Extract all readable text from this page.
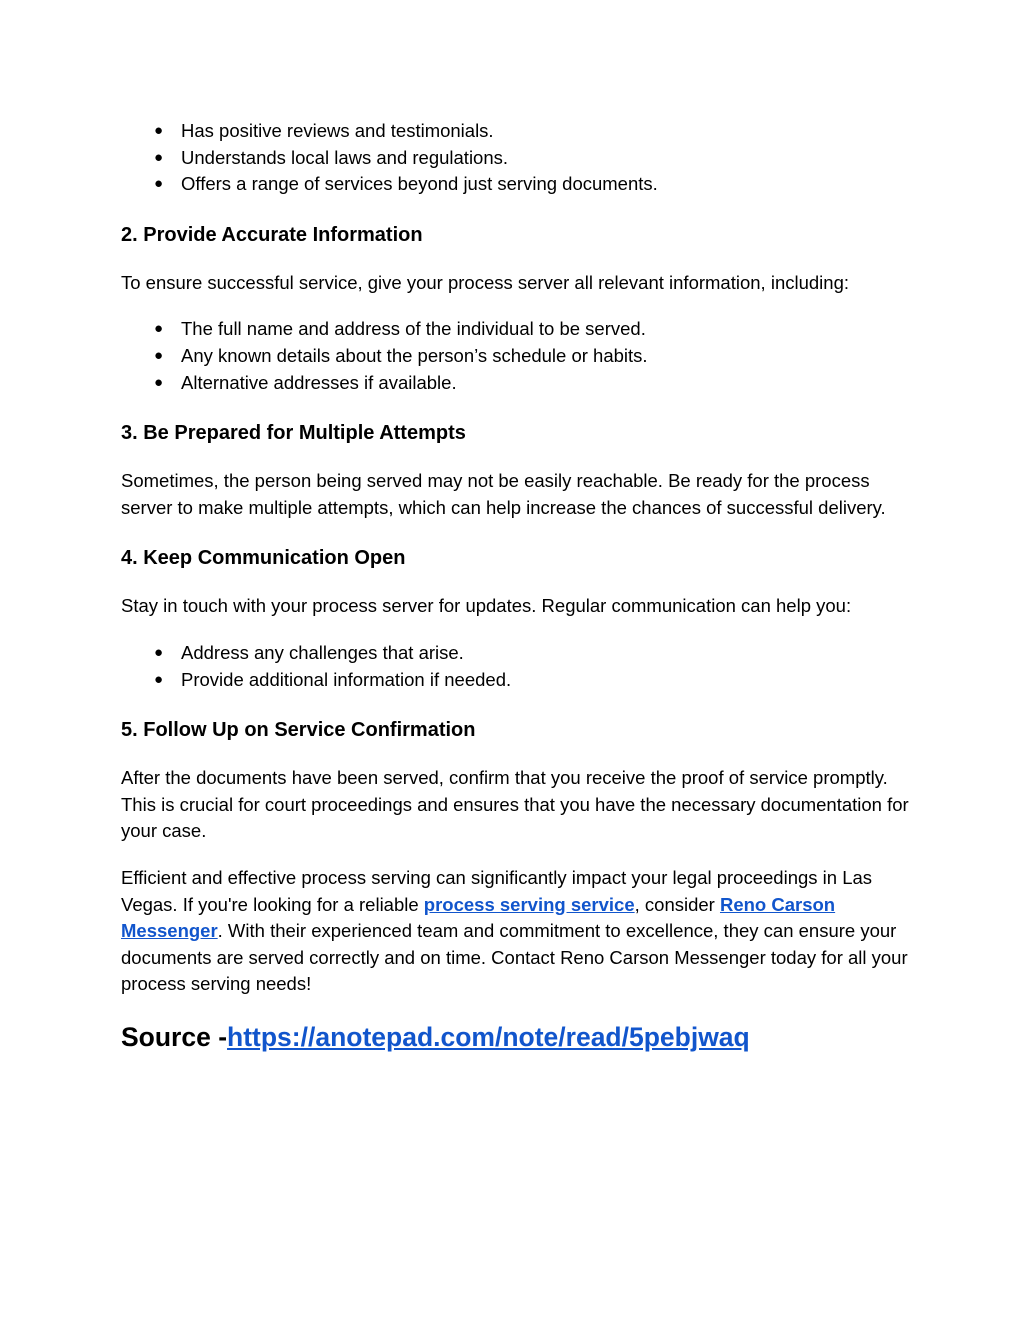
● Has positive reviews and testimonials.
● Understands local laws and regulations.
● Offers a range of services beyond just serving documents.
2. Provide Accurate Information

To ensure successful service, give your process server all relevant information, including:

● The full name and address of the individual to be served.
● Any known details about the person’s schedule or habits.
● Alternative addresses if available.
3. Be Prepared for Multiple Attempts

Sometimes, the person being served may not be easily reachable. Be ready for the process server to make multiple attempts, which can help increase the chances of successful delivery.

4. Keep Communication Open

Stay in touch with your process server for updates. Regular communication can help you:

● Address any challenges that arise.
● Provide additional information if needed.
5. Follow Up on Service Confirmation

After the documents have been served, confirm that you receive the proof of service promptly. This is crucial for court proceedings and ensures that you have the necessary documentation for your case.

Efficient and effective process serving can significantly impact your legal proceedings in Las Vegas. If you're looking for a reliable process serving service, consider Reno Carson Messenger. With their experienced team and commitment to excellence, they can ensure your documents are served correctly and on time. Contact Reno Carson Messenger today for all your process serving needs!

Source -https://anotepad.com/note/read/5pebjwaq
